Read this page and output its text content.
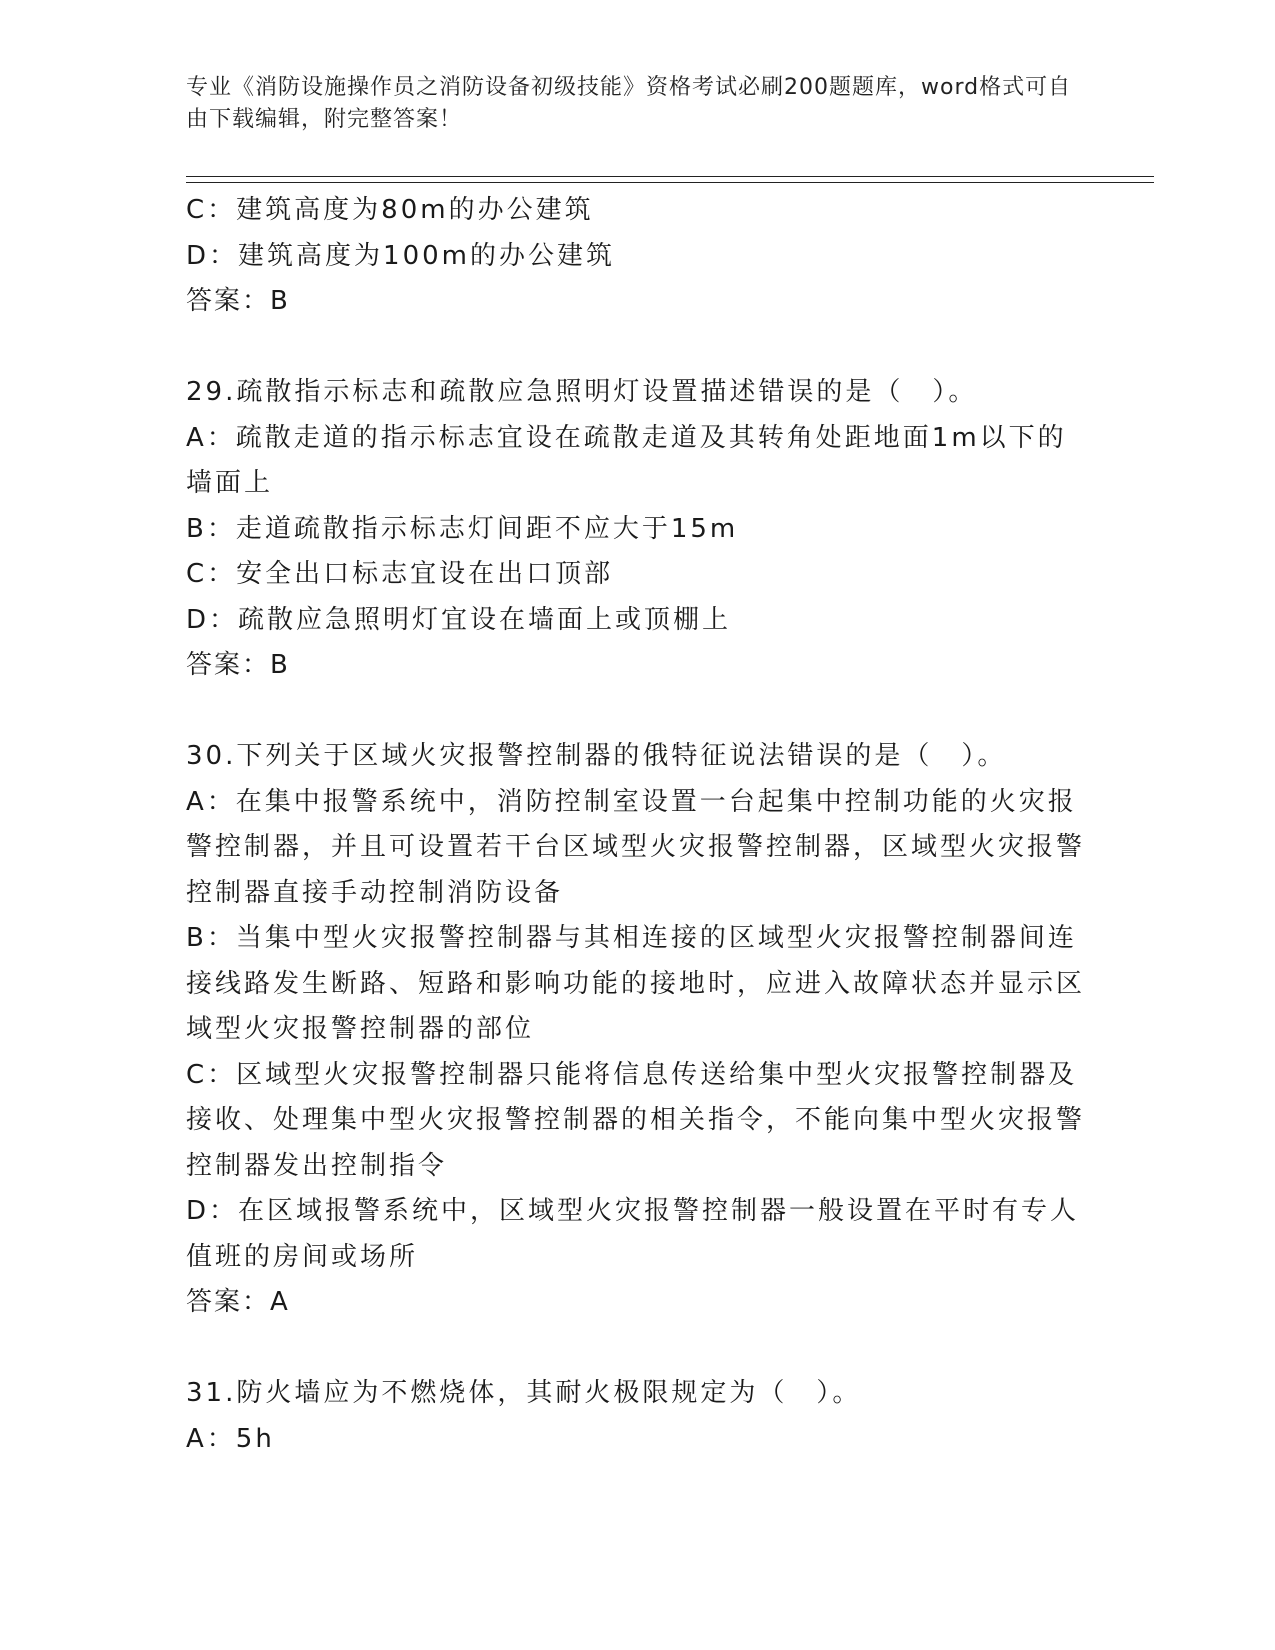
专业《消防设施操作员之消防设备初级技能》资格考试必刷200题题库，word格式可自由下载编辑，附完整答案！

C：建筑高度为80m的办公建筑

D：建筑高度为100m的办公建筑

答案：B

29.疏散指示标志和疏散应急照明灯设置描述错误的是（　）。

A：疏散走道的指示标志宜设在疏散走道及其转角处距地面1m以下的墙面上

B：走道疏散指示标志灯间距不应大于15m

C：安全出口标志宜设在出口顶部

D：疏散应急照明灯宜设在墙面上或顶棚上

答案：B

30.下列关于区域火灾报警控制器的俄特征说法错误的是（　）。

A：在集中报警系统中，消防控制室设置一台起集中控制功能的火灾报警控制器，并且可设置若干台区域型火灾报警控制器，区域型火灾报警控制器直接手动控制消防设备

B：当集中型火灾报警控制器与其相连接的区域型火灾报警控制器间连接线路发生断路、短路和影响功能的接地时，应进入故障状态并显示区域型火灾报警控制器的部位

C：区域型火灾报警控制器只能将信息传送给集中型火灾报警控制器及接收、处理集中型火灾报警控制器的相关指令，不能向集中型火灾报警控制器发出控制指令

D：在区域报警系统中，区域型火灾报警控制器一般设置在平时有专人值班的房间或场所

答案：A

31.防火墙应为不燃烧体，其耐火极限规定为（　）。

A：5h
